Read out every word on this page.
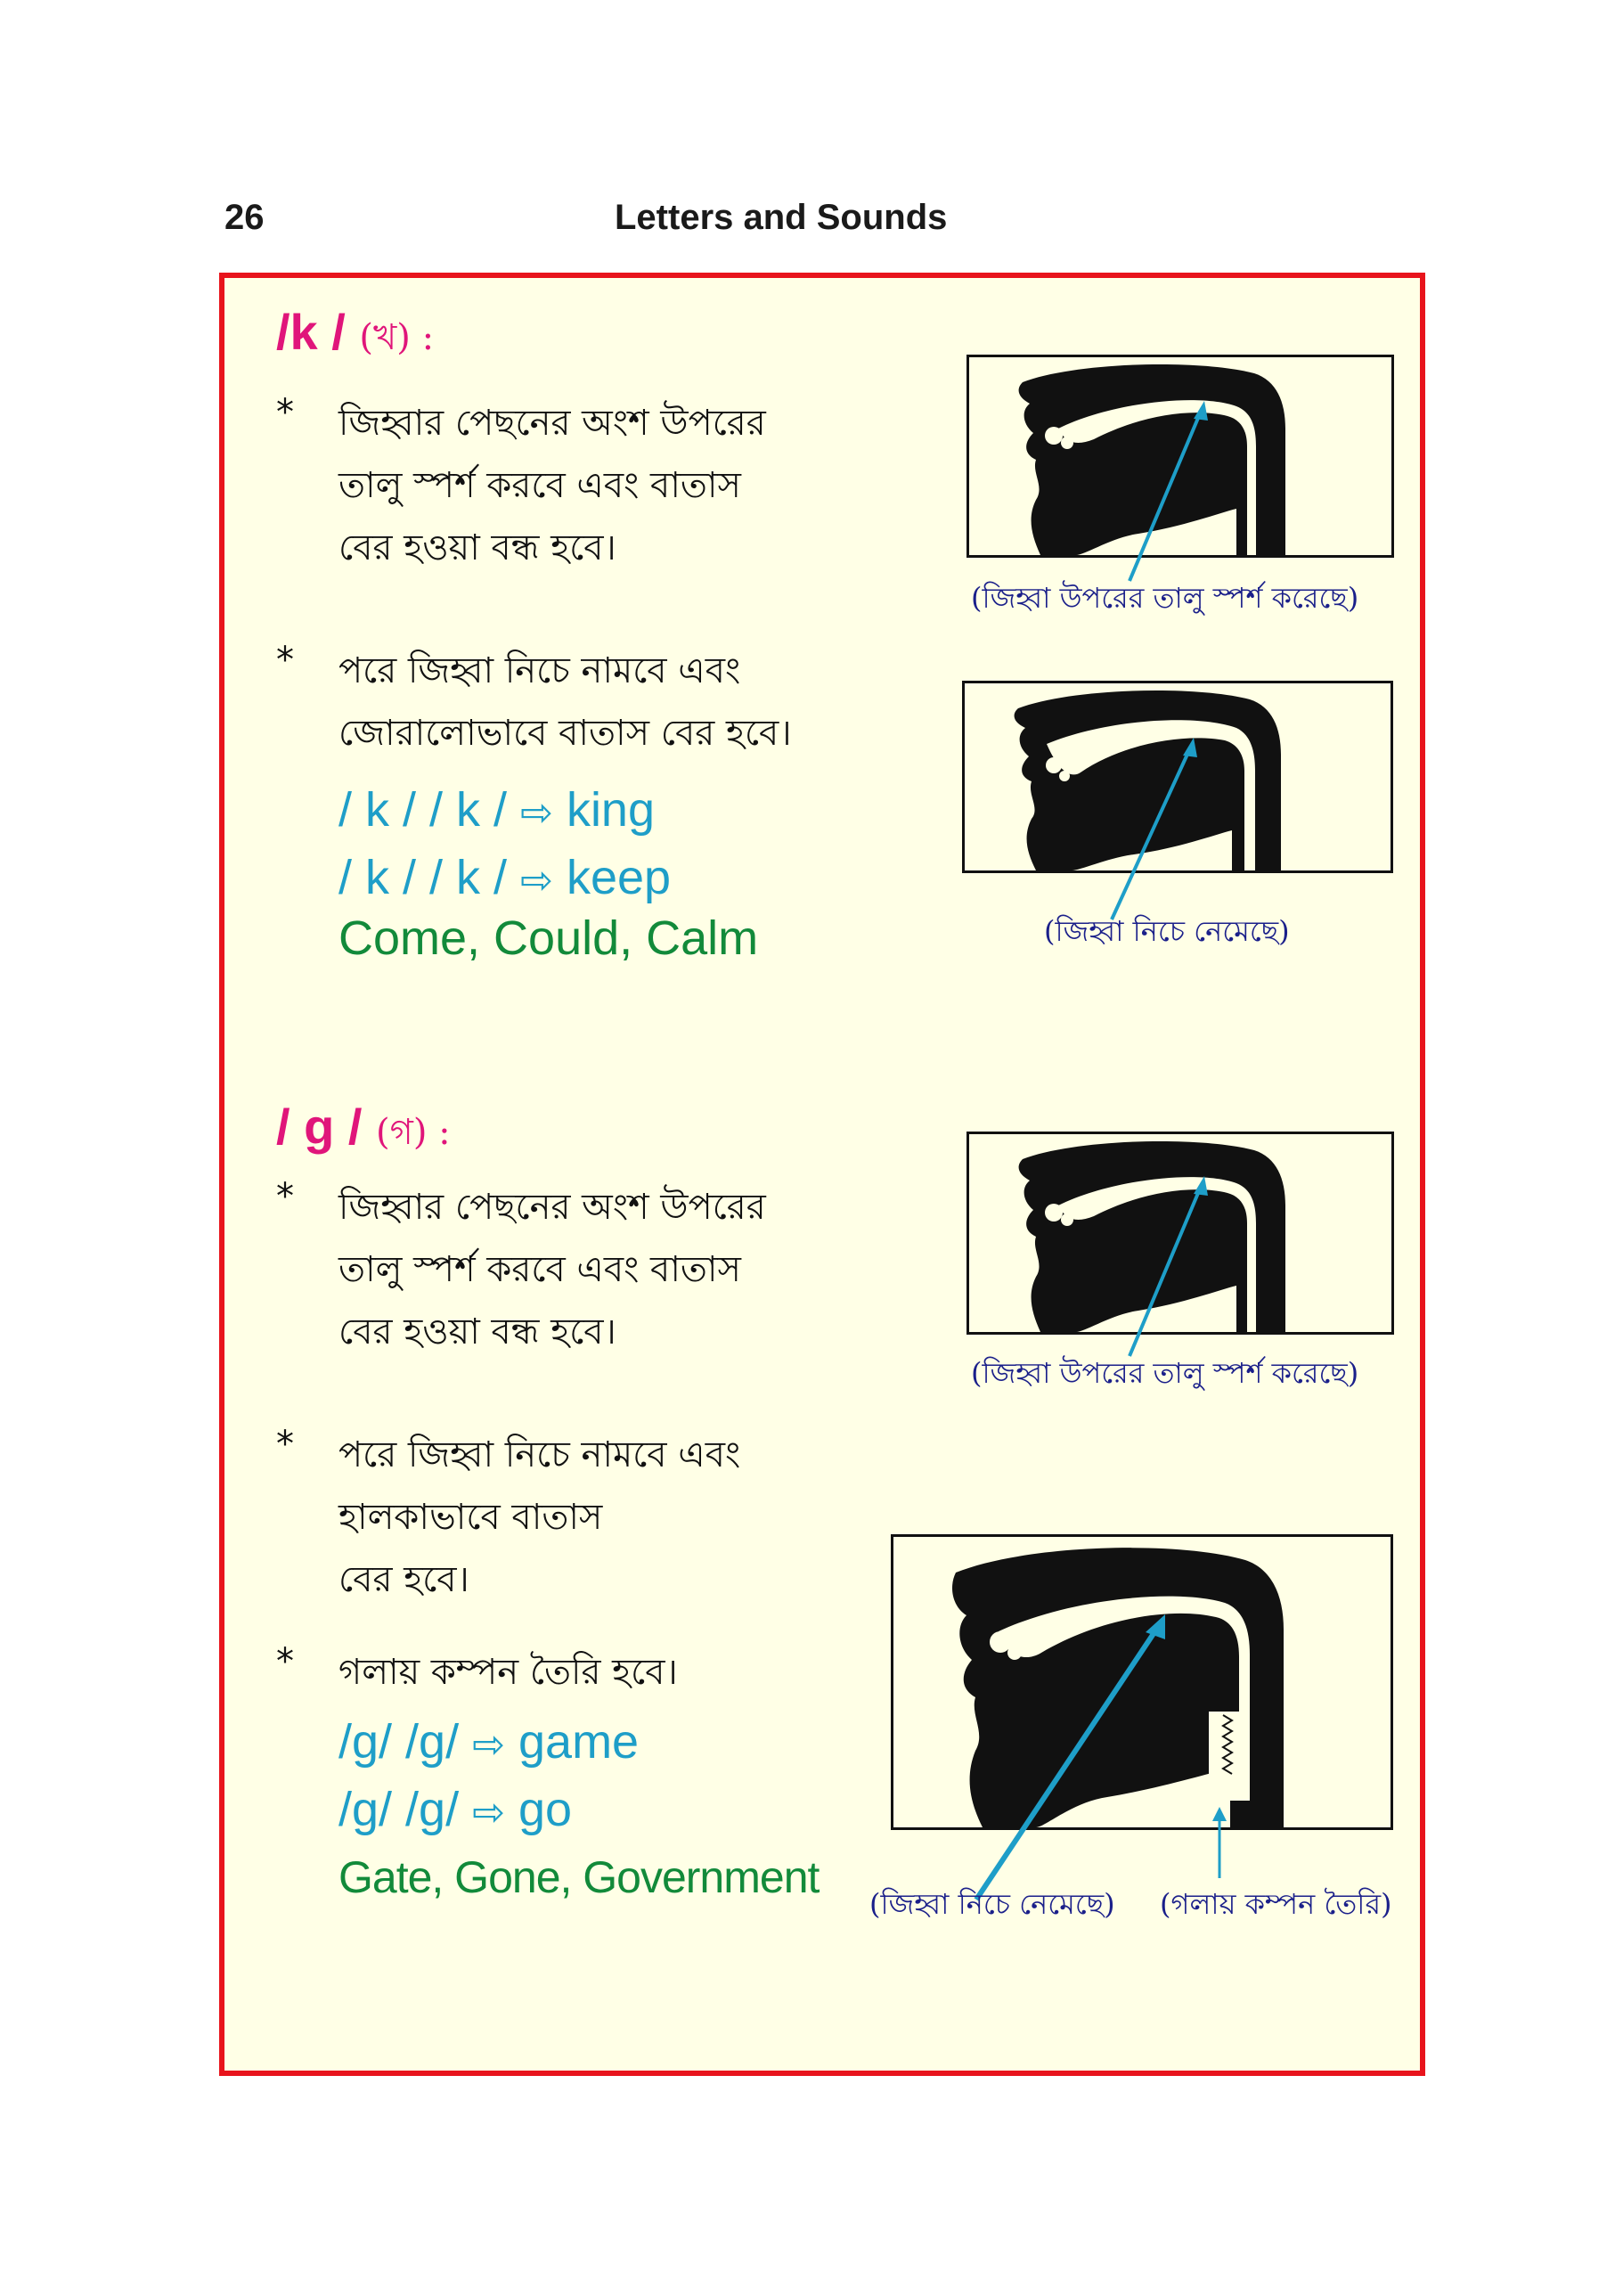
26	Letters and Sounds
/k / (খ) :
* জিহ্বার পেছনের অংশ উপরের
তালু স্পর্শ করবে এবং বাতাস
বের হওয়া বন্ধ হবে।
* পরে জিহ্বা নিচে নামবে এবং
জোরালোভাবে বাতাস বের হবে।
/ k / / k / ⇨ king
/ k / / k / ⇨ keep
Come, Could, Calm
(জিহ্বা উপরের তালু স্পর্শ করেছে)
(জিহ্বা নিচে নেমেছে)
/ g / (গ) :
* জিহ্বার পেছনের অংশ উপরের
তালু স্পর্শ করবে এবং বাতাস
বের হওয়া বন্ধ হবে।
* পরে জিহ্বা নিচে নামবে এবং
হালকাভাবে বাতাস
বের হবে।
* গলায় কম্পন তৈরি হবে।
/g/ /g/ ⇨ game
/g/ /g/ ⇨ go
Gate, Gone, Government
(জিহ্বা উপরের তালু স্পর্শ করেছে)
(জিহ্বা নিচে নেমেছে) (গলায় কম্পন তৈরি)
